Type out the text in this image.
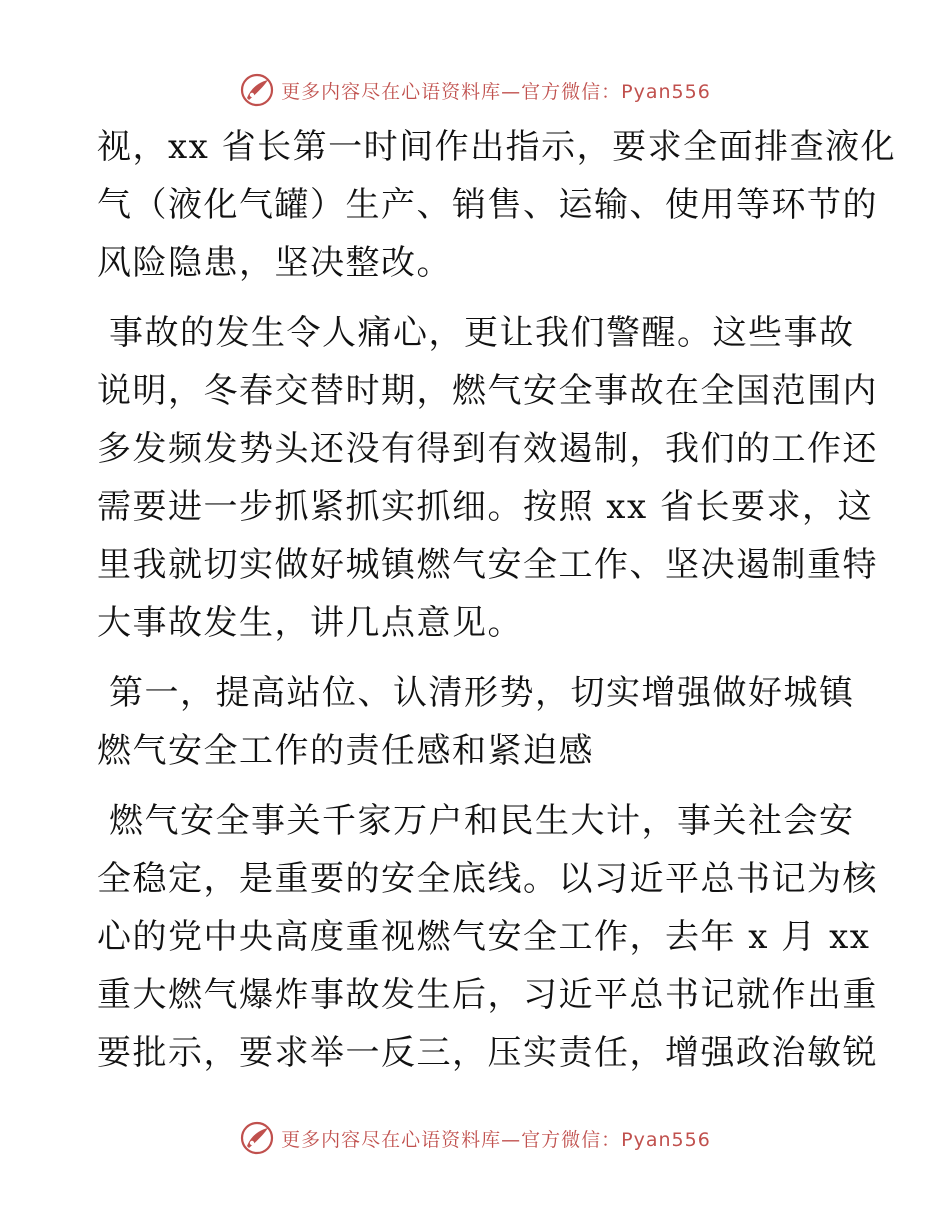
更多内容尽在心语资料库—官方微信：Pyan556

视，xx 省长第一时间作出指示，要求全面排查液化
气（液化气罐）生产、销售、运输、使用等环节的
风险隐患，坚决整改。

事故的发生令人痛心，更让我们警醒。这些事故
说明，冬春交替时期，燃气安全事故在全国范围内
多发频发势头还没有得到有效遏制，我们的工作还
需要进一步抓紧抓实抓细。按照 xx 省长要求，这
里我就切实做好城镇燃气安全工作、坚决遏制重特
大事故发生，讲几点意见。

第一，提高站位、认清形势，切实增强做好城镇
燃气安全工作的责任感和紧迫感

燃气安全事关千家万户和民生大计，事关社会安
全稳定，是重要的安全底线。以习近平总书记为核
心的党中央高度重视燃气安全工作，去年 x 月 xx
重大燃气爆炸事故发生后，习近平总书记就作出重
要批示，要求举一反三，压实责任，增强政治敏锐

更多内容尽在心语资料库—官方微信：Pyan556
